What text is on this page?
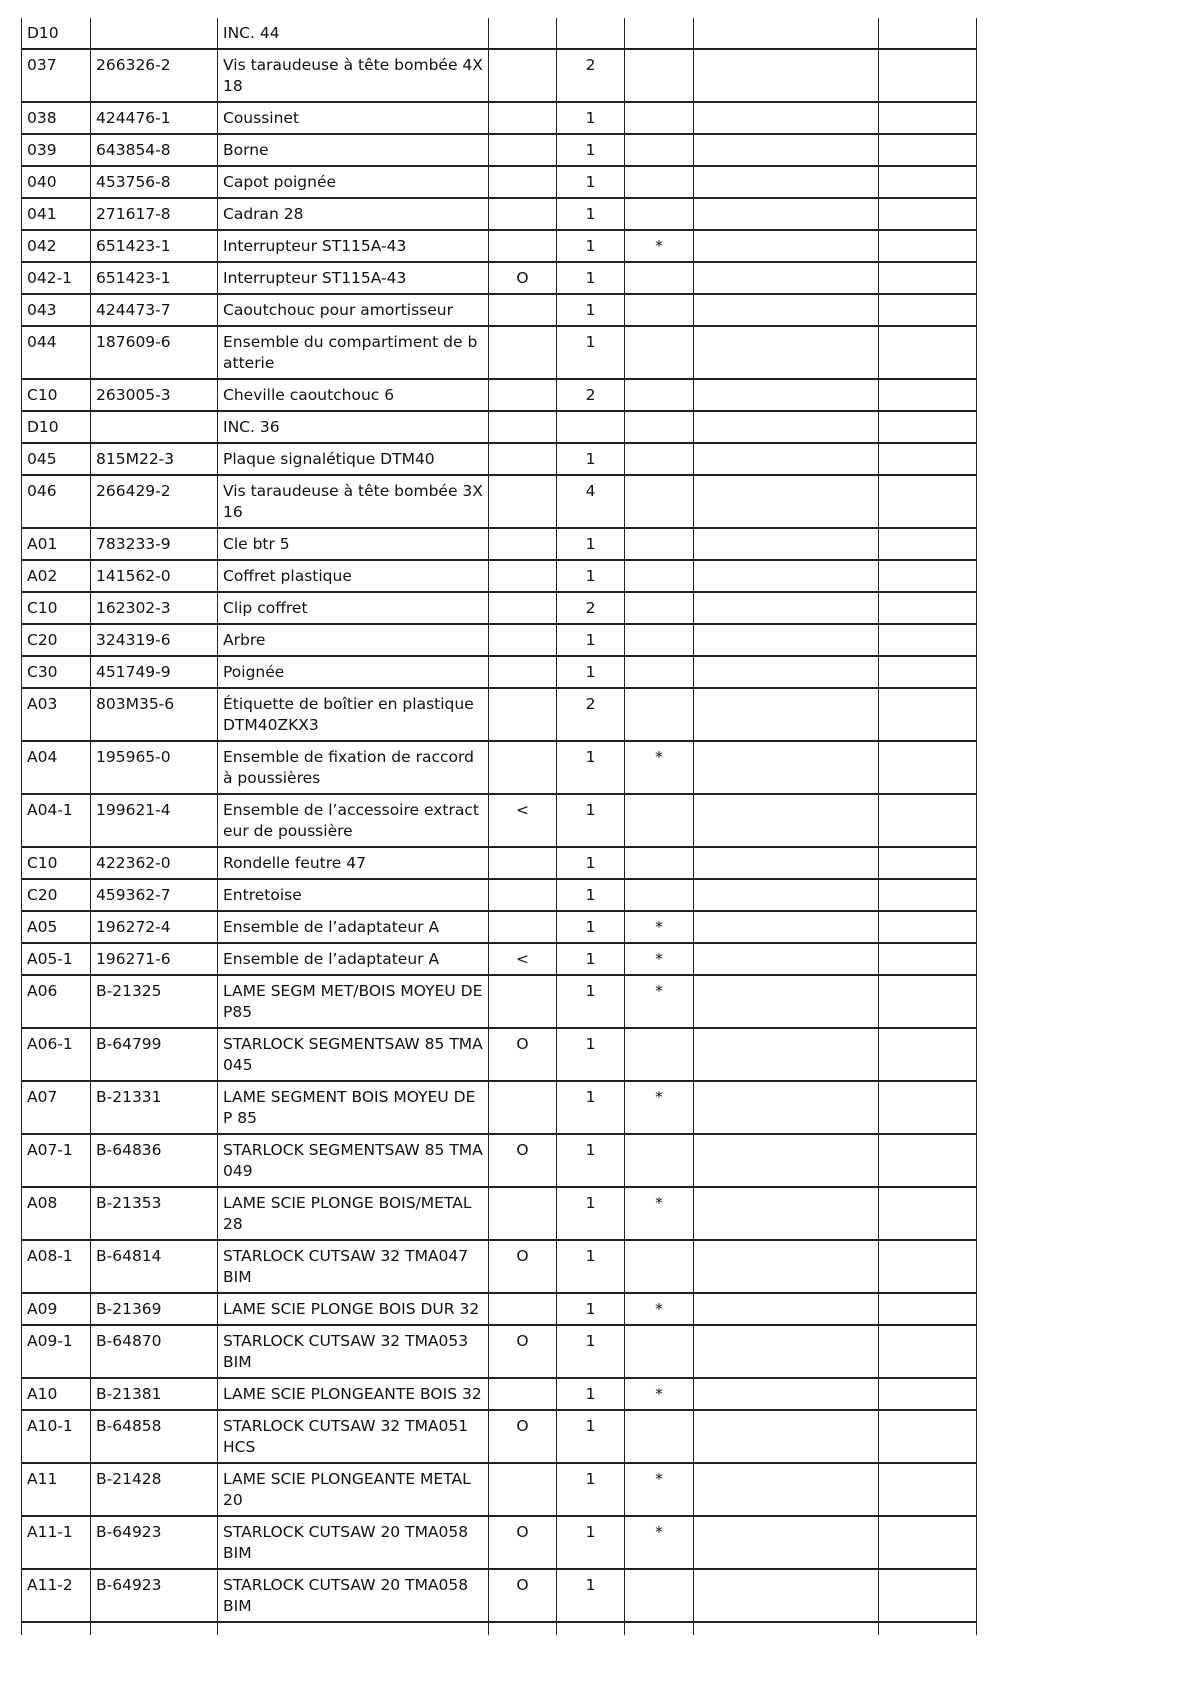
D10		INC. 44					
037	266326-2	Vis taraudeuse à tête bombée 4X 18		2			
038	424476-1	Coussinet		1			
039	643854-8	Borne		1			
040	453756-8	Capot poignée		1			
041	271617-8	Cadran 28		1			
042	651423-1	Interrupteur ST115A-43		1	*		
042-1	651423-1	Interrupteur ST115A-43	O	1			
043	424473-7	Caoutchouc pour amortisseur		1			
044	187609-6	Ensemble du compartiment de batterie		1			
C10	263005-3	Cheville caoutchouc 6		2			
D10		INC. 36					
045	815M22-3	Plaque signalétique DTM40		1			
046	266429-2	Vis taraudeuse à tête bombée 3X 16		4			
A01	783233-9	Cle btr 5		1			
A02	141562-0	Coffret plastique		1			
C10	162302-3	Clip coffret		2			
C20	324319-6	Arbre		1			
C30	451749-9	Poignée		1			
A03	803M35-6	Étiquette de boîtier en plastique DTM40ZKX3		2			
A04	195965-0	Ensemble de fixation de raccord à poussières		1	*		
A04-1	199621-4	Ensemble de l’accessoire extracteur de poussière	<	1			
C10	422362-0	Rondelle feutre 47		1			
C20	459362-7	Entretoise		1			
A05	196272-4	Ensemble de l’adaptateur A		1	*		
A05-1	196271-6	Ensemble de l’adaptateur A	<	1	*		
A06	B-21325	LAME SEGM MET/BOIS MOYEU DEP85		1	*		
A06-1	B-64799	STARLOCK SEGMENTSAW 85 TMA045	O	1			
A07	B-21331	LAME SEGMENT BOIS MOYEU DEP 85		1	*		
A07-1	B-64836	STARLOCK SEGMENTSAW 85 TMA049	O	1			
A08	B-21353	LAME SCIE PLONGE BOIS/METAL 28		1	*		
A08-1	B-64814	STARLOCK CUTSAW 32 TMA047 BIM	O	1			
A09	B-21369	LAME SCIE PLONGE BOIS DUR 32		1	*		
A09-1	B-64870	STARLOCK CUTSAW 32 TMA053 BIM	O	1			
A10	B-21381	LAME SCIE PLONGEANTE BOIS 32		1	*		
A10-1	B-64858	STARLOCK CUTSAW 32 TMA051 HCS	O	1			
A11	B-21428	LAME SCIE PLONGEANTE METAL 20		1	*		
A11-1	B-64923	STARLOCK CUTSAW 20 TMA058 BIM	O	1	*		
A11-2	B-64923	STARLOCK CUTSAW 20 TMA058 BIM	O	1			
